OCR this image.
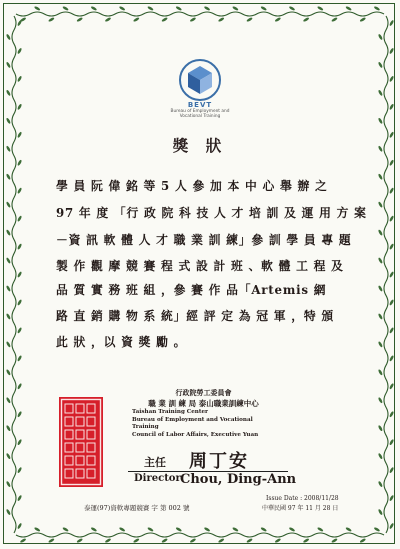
BEVT
Bureau of Employment and
Vocational Training
獎 狀
學 員 阮 偉 銘 等 5 人 參 加 本 中 心 舉 辦 之
97 年 度 「行 政 院 科 技 人 才 培 訓 及 運 用 方 案
－資 訊 軟 體 人 才 職 業 訓 練」參 訓 學 員 專 題
製 作 觀 摩 競 賽 程 式 設 計 班 、軟 體 工 程 及
品 質 實 務 班 組 ，參 賽 作 品「Artemis 網
路 直 銷 購 物 系 統」經 評 定 為 冠 軍 ，特 頒
此 狀 ，以 資 獎 勵 。
行政院勞工委員會
職 業 訓 練 局 泰山職業訓練中心
Taishan Training Center
Bureau of Employment and Vocational Training
Council of Labor Affairs, Executive Yuan
主任 周丁安
Director Chou, Ding-Ann
Issue Date : 2008/11/28
中華民國 97 年 11 月 28 日
泰運(97)資軟專題競賽 字 第 002 號
